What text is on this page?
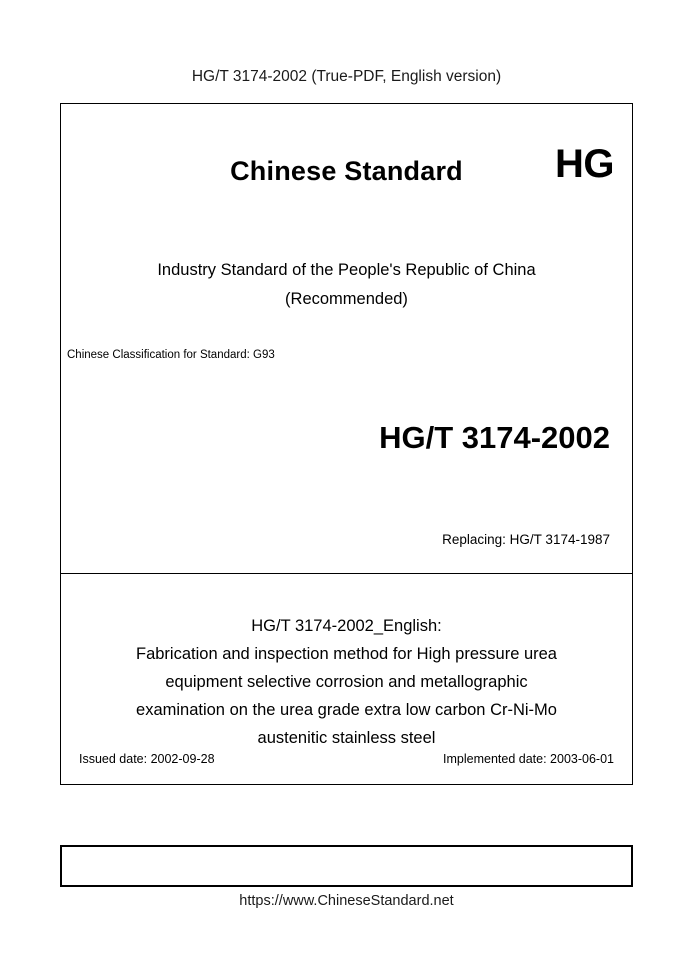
HG/T 3174-2002 (True-PDF, English version)
Chinese Standard	HG
Industry Standard of the People's Republic of China
(Recommended)
Chinese Classification for Standard: G93
HG/T 3174-2002
Replacing: HG/T 3174-1987
HG/T 3174-2002_English:
Fabrication and inspection method for High pressure urea
equipment selective corrosion and metallographic
examination on the urea grade extra low carbon Cr-Ni-Mo
austenitic stainless steel
Issued date: 2002-09-28	Implemented date: 2003-06-01
https://www.ChineseStandard.net
